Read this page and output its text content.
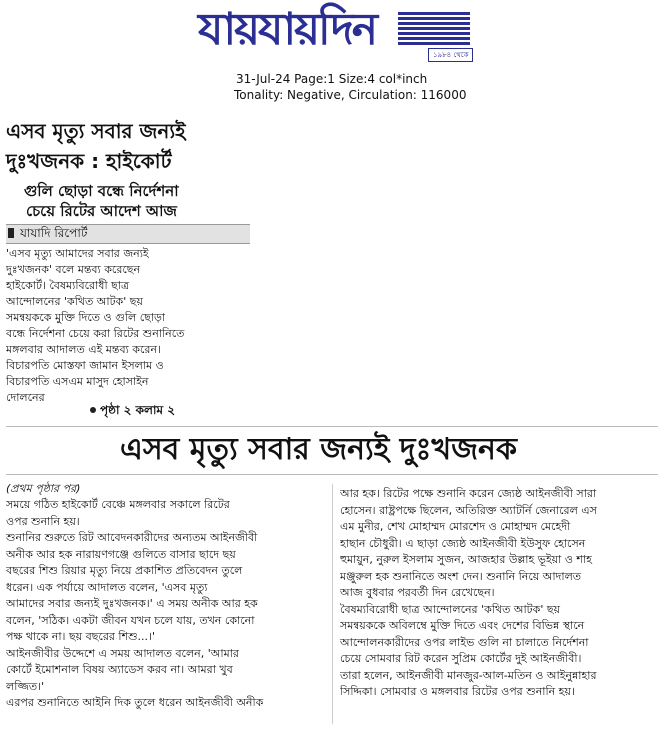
যায়যায়দিন	১৯৮৪ থেকে
31-Jul-24 Page:1 Size:4 col*inch
Tonality: Negative, Circulation: 116000
এসব মৃত্যু সবার জন্যই
দুঃখজনক : হাইকোর্ট
গুলি ছোড়া বন্ধে নির্দেশনা
চেয়ে রিটের আদেশ আজ
যাযাদি রিপোর্ট
'এসব মৃত্যু আমাদের সবার জন্যই
দুঃখজনক' বলে মন্তব্য করেছেন
হাইকোর্ট। বৈষম্যবিরোধী ছাত্র
আন্দোলনের 'কথিত আটক' ছয়
সমন্বয়ককে মুক্তি দিতে ও গুলি ছোড়া
বন্ধে নির্দেশনা চেয়ে করা রিটের শুনানিতে
মঙ্গলবার আদালত এই মন্তব্য করেন।
বিচারপতি মোস্তফা জামান ইসলাম ও
বিচারপতি এসএম মাসুদ হোসাইন
দোলনের
পৃষ্ঠা ২ কলাম ২
এসব মৃত্যু সবার জন্যই দুঃখজনক
(প্রথম পৃষ্ঠার পর)
সময়ে গঠিত হাইকোর্ট বেঞ্চে মঙ্গলবার সকালে রিটের
ওপর শুনানি হয়।
শুনানির শুরুতে রিট আবেদনকারীদের অন্যতম আইনজীবী
অনীক আর হক নারায়ণগঞ্জে গুলিতে বাসার ছাদে ছয়
বছরের শিশু রিয়ার মৃত্যু নিয়ে প্রকাশিত প্রতিবেদন তুলে
ধরেন। এক পর্যায়ে আদালত বলেন, 'এসব মৃত্যু
আমাদের সবার জন্যই দুঃখজনক।' এ সময় অনীক আর হক
বলেন, 'সঠিক। একটা জীবন যখন চলে যায়, তখন কোনো
পক্ষ থাকে না। ছয় বছরের শিশু...।'
আইনজীবীর উদ্দেশে এ সময় আদালত বলেন, 'আমার
কোর্টে ইমোশনাল বিষয় অ্যাডেস করব না। আমরা খুব
লজ্জিত।'
এরপর শুনানিতে আইনি দিক তুলে ধরেন আইনজীবী অনীক
আর হক। রিটের পক্ষে শুনানি করেন জ্যেষ্ঠ আইনজীবী সারা
হোসেন। রাষ্ট্রপক্ষে ছিলেন, অতিরিক্ত অ্যাটর্নি জেনারেল এস
এম মুনীর, শেখ মোহাম্মদ মোরশেদ ও মোহাম্মদ মেহেদী
হাছান চৌধুরী। এ ছাড়া জ্যেষ্ঠ আইনজীবী ইউসুফ হোসেন
হুমায়ুন, নুরুল ইসলাম সুজন, আজহার উল্লাহ ভূইয়া ও শাহ
মঞ্জুরুল হক শুনানিতে অংশ দেন। শুনানি নিয়ে আদালত
আজ বুধবার পরবর্তী দিন রেখেছেন।
বৈষম্যবিরোধী ছাত্র আন্দোলনের 'কথিত আটক' ছয়
সমন্বয়ককে অবিলম্বে মুক্তি দিতে এবং দেশের বিভিন্ন স্থানে
আন্দোলনকারীদের ওপর লাইভ গুলি না চালাতে নির্দেশনা
চেয়ে সোমবার রিট করেন সুপ্রিম কোর্টের দুই আইনজীবী।
তারা হলেন, আইনজীবী মানজুর-আল-মতিন ও আইনুন্নাহার
সিদ্দিকা। সোমবার ও মঙ্গলবার রিটের ওপর শুনানি হয়।
